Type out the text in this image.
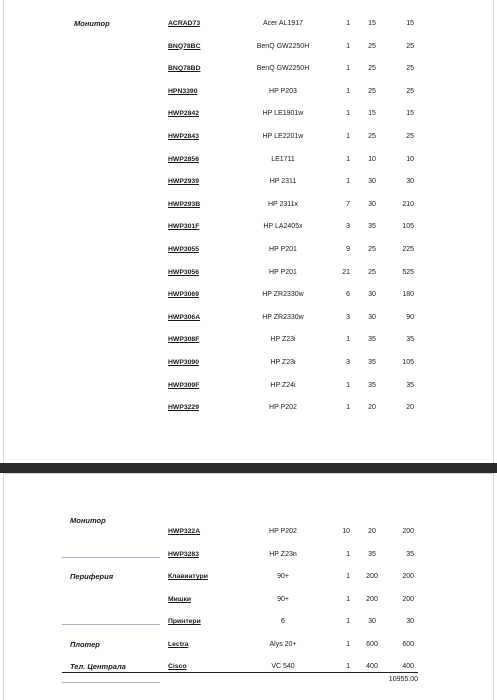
Монитор	ACRAD73	Acer AL1917	1	15	15
BNQ78BC	BenQ GW2250H	1	25	25
BNQ78BD	BenQ GW2250H	1	25	25
HPN3390	HP P203	1	25	25
HWP2842	HP LE1901w	1	15	15
HWP2843	HP LE2201w	1	25	25
HWP2856	LE1711	1	10	10
HWP2939	HP 2311	1	30	30
HWP293B	HP 2311x	7	30	210
HWP301F	HP LA2405x	3	35	105
HWP3055	HP P201	9	25	225
HWP3056	HP P201	21	25	525
HWP3069	HP ZR2330w	6	30	180
HWP306A	HP ZR2330w	3	30	90
HWP308F	HP Z23i	1	35	35
HWP3090	HP Z23i	3	35	105
HWP309F	HP Z24i	1	35	35
HWP3229	HP P202	1	20	20
Монитор
HWP322A	HP P202	10	20	200
HWP3283	HP Z23n	1	35	35
Периферия	Клавиатури	90+	1	200	200
Мишки	90+	1	200	200
Принтери	6	1	30	30
Плотер	Lectra	Alys 20+	1	600	600
Тел. Централа	Cisco	VC 540	1	400	400
10955.00
